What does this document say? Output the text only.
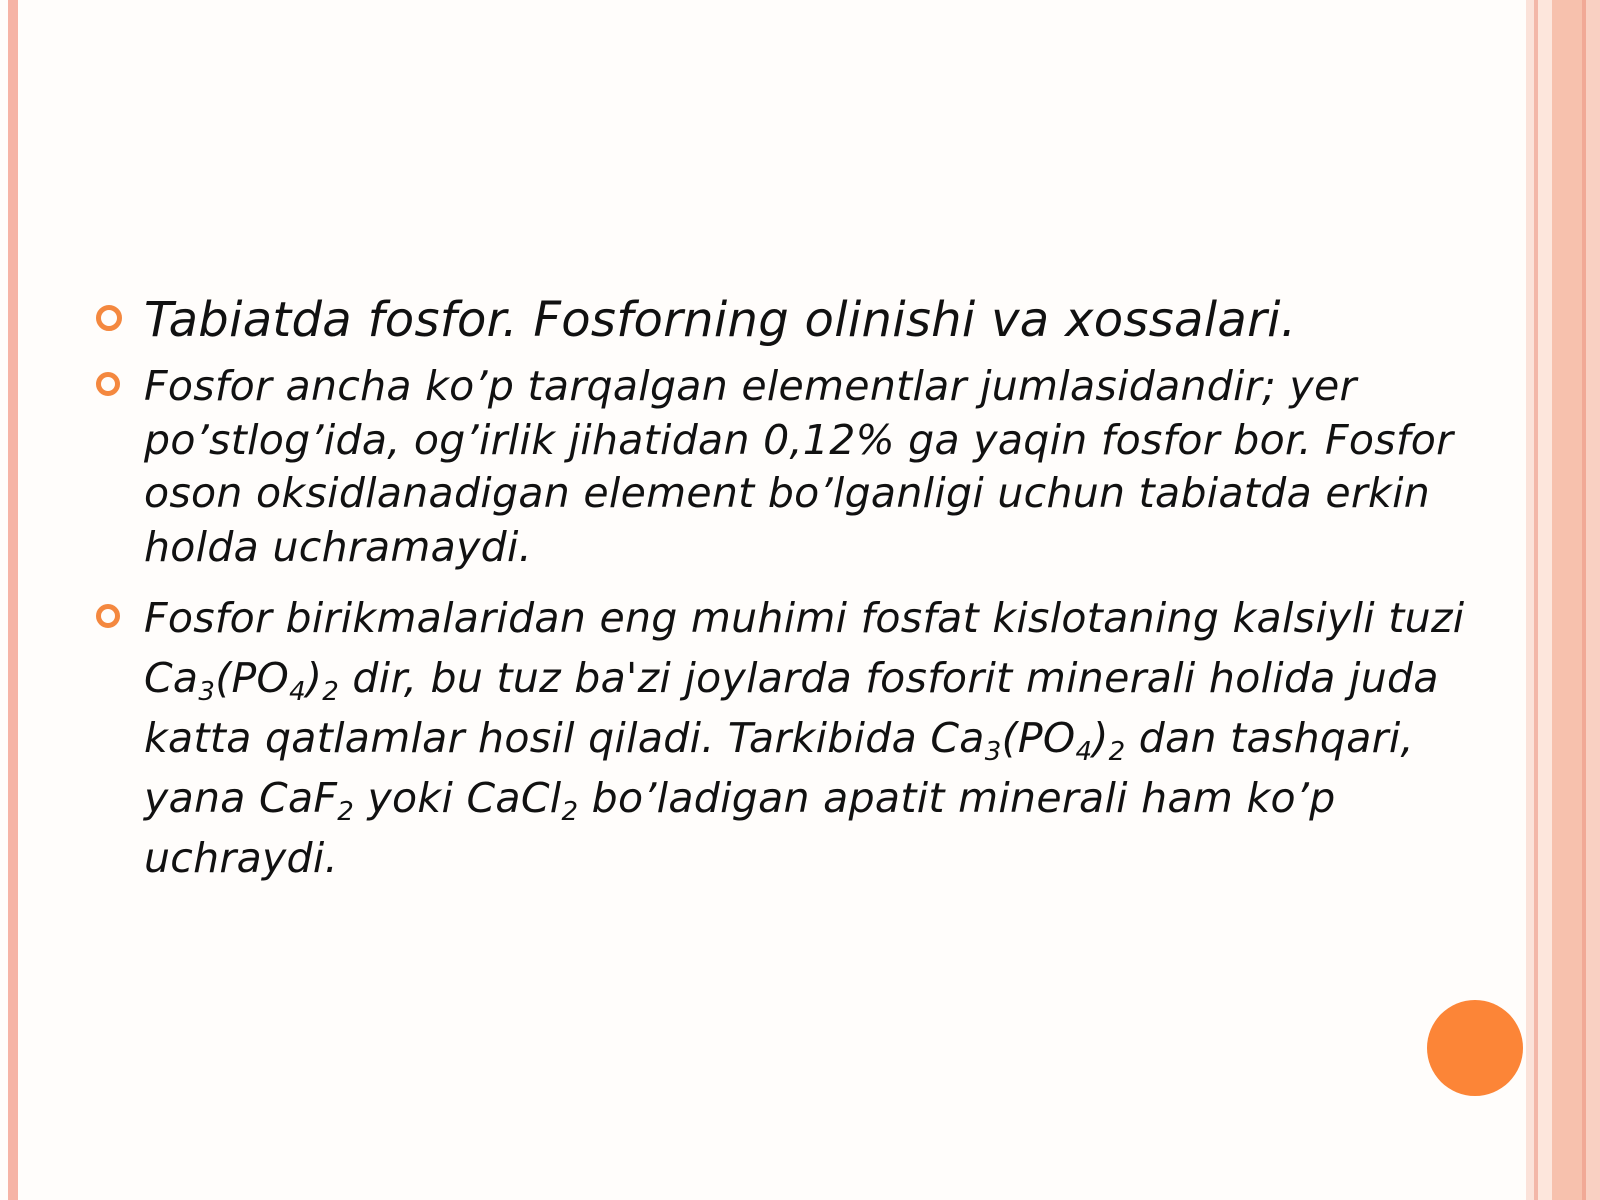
Tabiatda fosfor. Fosforning olinishi va xossalari.
Fosfor ancha ko’p tarqalgan elementlar jumlasidandir; yer po’stlog’ida, og’irlik jihatidan 0,12% ga yaqin fosfor bor. Fosfor oson oksidlanadigan element bo’lganligi uchun tabiatda erkin holda uchramaydi.
Fosfor birikmalaridan eng muhimi fosfat kislotaning kalsiyli tuzi $Ca_3(PO_4)_2$ dir, bu tuz ba'zi joylarda fosforit minerali holida juda katta qatlamlar hosil qiladi. Tarkibida $Ca_3(PO_4)_2$ dan tashqari, yana CaF$_2$ yoki CaCl$_2$ bo’ladigan apatit minerali ham ko’p uchraydi.
